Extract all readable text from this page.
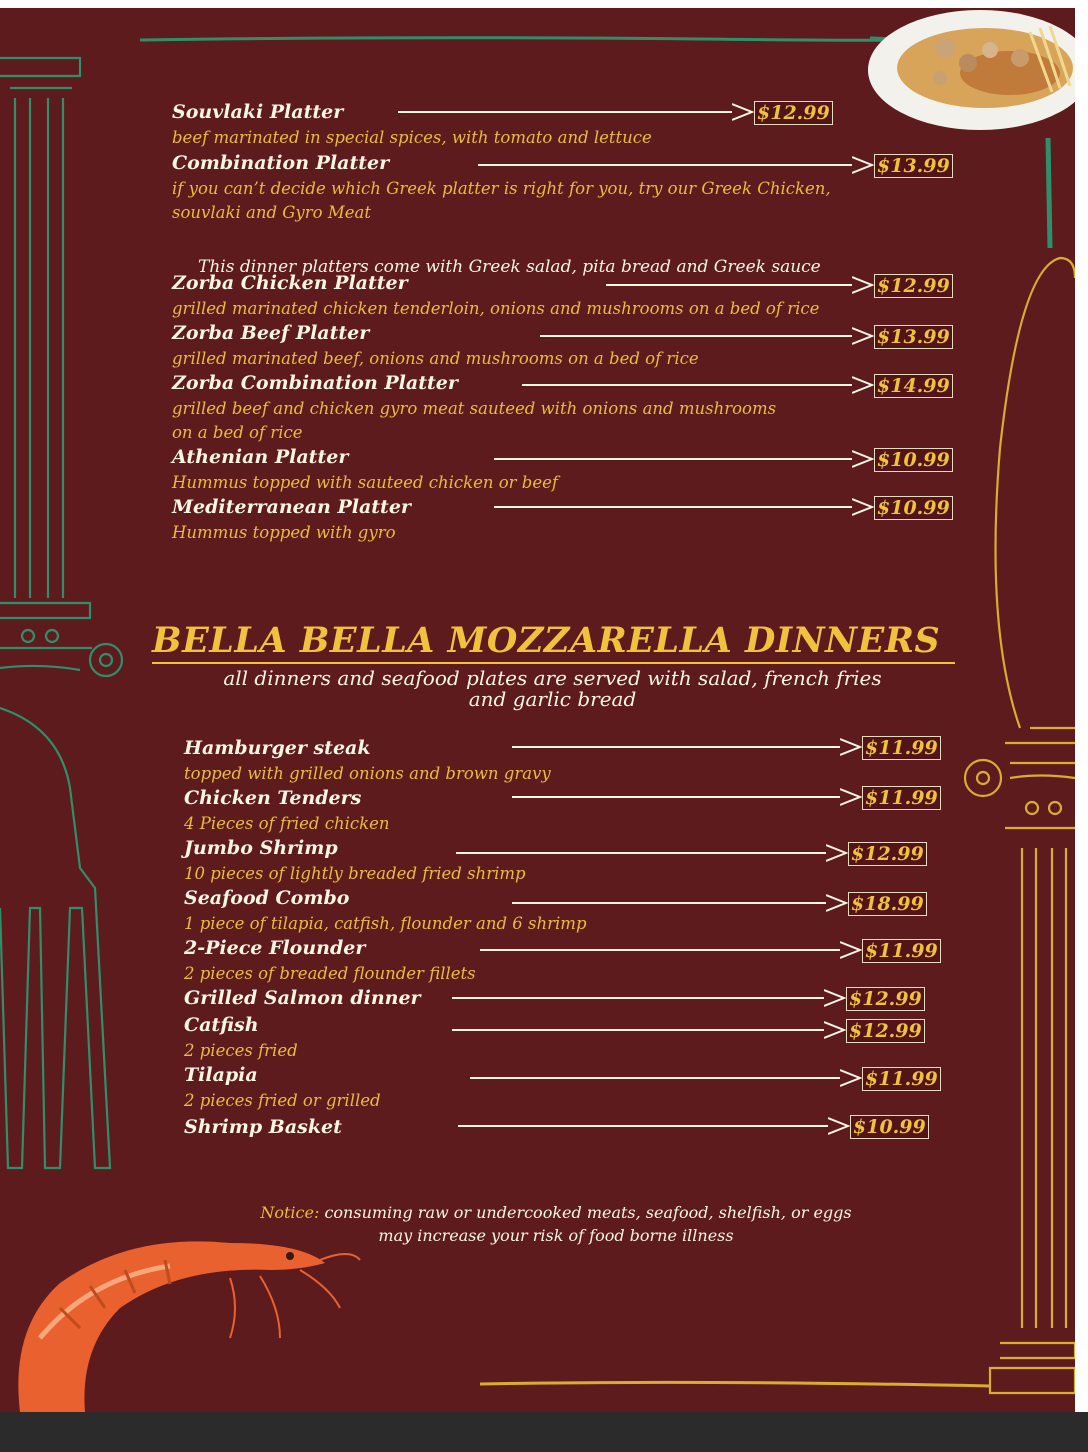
Souvlaki Platter	$12.99
beef marinated in special spices, with tomato and lettuce
Combination Platter	$13.99
if you can’t decide which Greek platter is right for you, try our Greek Chicken,
souvlaki and Gyro Meat
Zorba Chicken Platter	$12.99
grilled marinated chicken tenderloin, onions and mushrooms on a bed of rice
Zorba Beef Platter	$13.99
grilled marinated beef, onions and mushrooms on a bed of rice
Zorba Combination Platter	$14.99
grilled beef and chicken gyro meat sauteed with onions and mushrooms
on a bed of rice
Athenian Platter	$10.99
Hummus topped with sauteed chicken or beef
Mediterranean Platter	$10.99
Hummus topped with gyro
This dinner platters come with Greek salad, pita bread and Greek sauce
BELLA BELLA MOZZARELLA DINNERS
all dinners and seafood plates are served with salad, french fries
and garlic bread
Hamburger steak	$11.99
topped with grilled onions and brown gravy
Chicken Tenders	$11.99
4 Pieces of fried chicken
Jumbo Shrimp	$12.99
10 pieces of lightly breaded fried shrimp
Seafood Combo	$18.99
1 piece of tilapia, catfish, flounder and 6 shrimp
2-Piece Flounder	$11.99
2 pieces of breaded flounder fillets
Grilled Salmon dinner	$12.99
Catfish	$12.99
2 pieces fried
Tilapia	$11.99
2 pieces fried or grilled
Shrimp Basket	$10.99
Notice: consuming raw or undercooked meats, seafood, shelfish, or eggs
may increase your risk of food borne illness
